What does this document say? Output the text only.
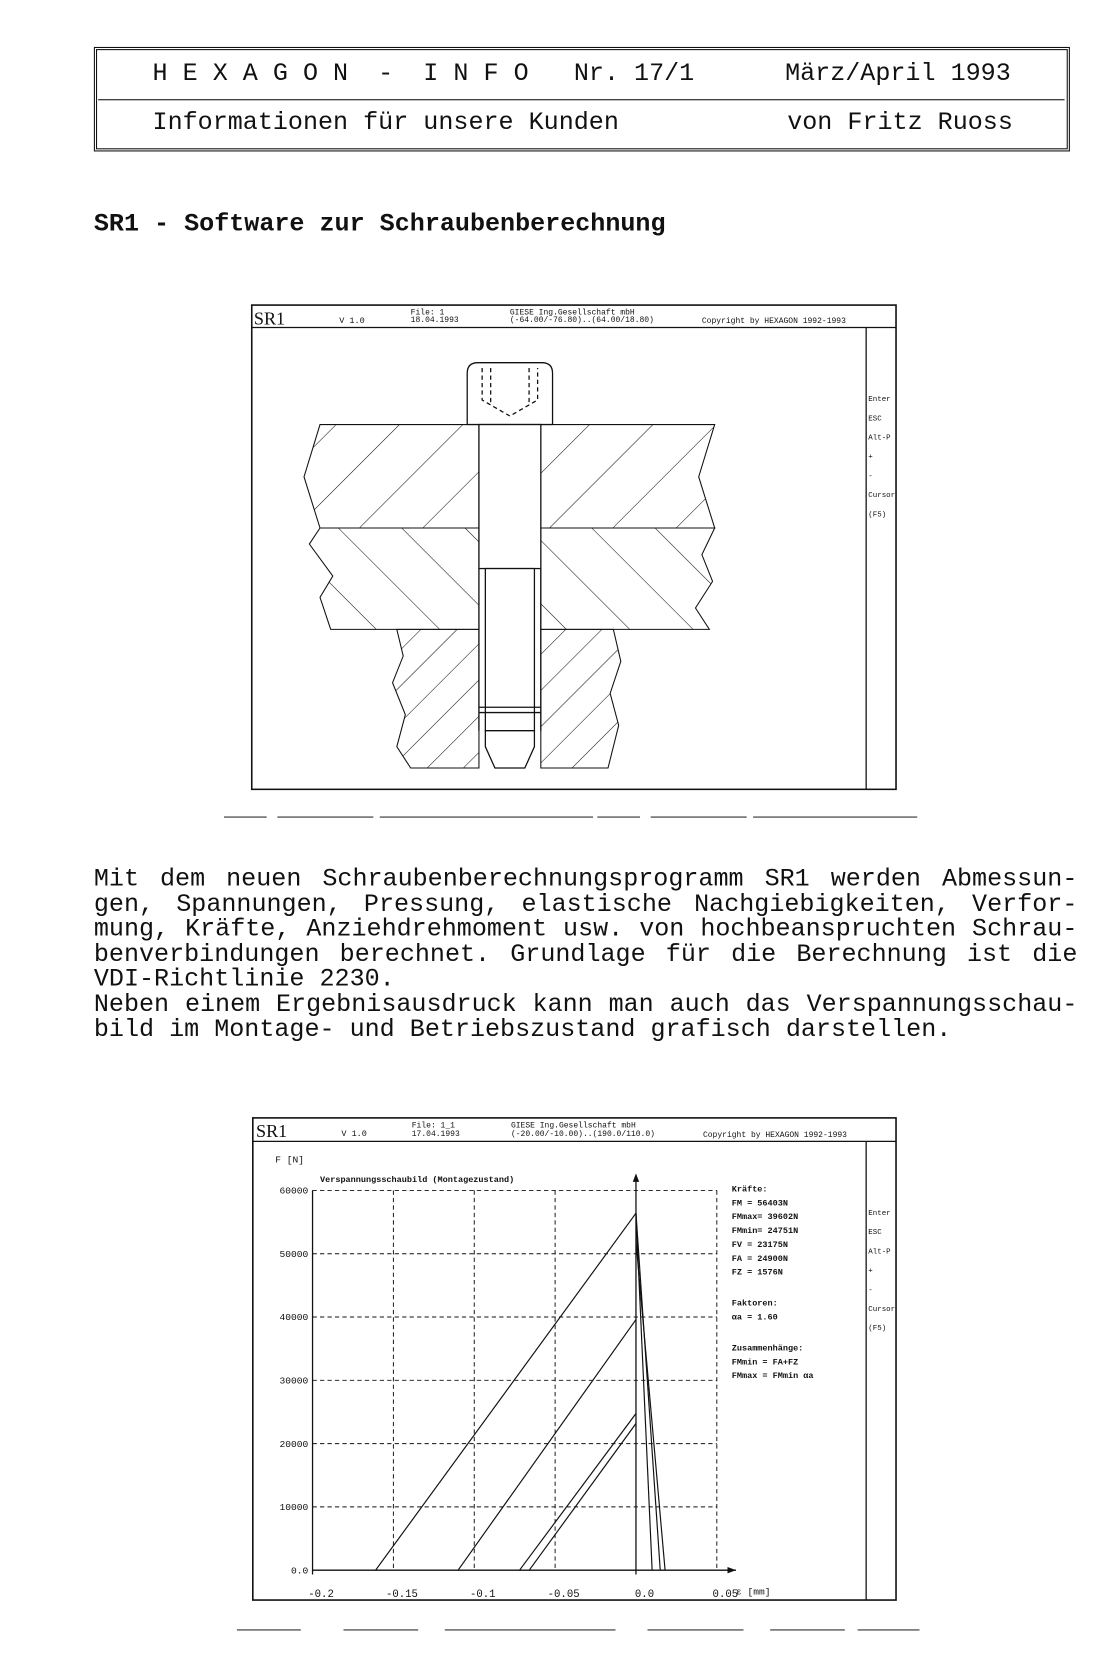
H E X A G O N  -  I N F O Nr. 17/1	März/April 1993
Informationen für unsere Kunden	von Fritz Ruoss
SR1 - Software zur Schraubenberechnung
SR1	V 1.0
File: 1
18.04.1993
GIESE Ing.Gesellschaft mbH
(-64.00/-76.80)..(64.00/18.80)	Copyright by HEXAGON 1992-1993
Enter
ESC
Alt-P
+
-
Cursor
(F5)
Mit dem neuen Schraubenberechnungsprogramm SR1 werden Abmessun-
gen, Spannungen, Pressung, elastische Nachgiebigkeiten, Verfor-
mung, Kräfte, Anziehdrehmoment usw. von hochbeanspruchten Schrau-
benverbindungen berechnet. Grundlage für die Berechnung ist die
VDI-Richtlinie 2230.
Neben einem Ergebnisausdruck kann man auch das Verspannungsschau-
bild im Montage- und Betriebszustand grafisch darstellen.
SR1	V 1.0
File: 1_1
17.04.1993
GIESE Ing.Gesellschaft mbH
(-20.00/-10.00)..(190.0/110.0)	Copyright by HEXAGON 1992-1993
Enter
ESC
Alt-P
+
-
Cursor
(F5)
F [N]
Verspannungsschaubild (Montagezustand)
ε [mm]
Kräfte:
FM = 56403N
FMmax= 39602N
FMmin= 24751N
FV = 23175N
FA = 24900N
FZ = 1576N
Faktoren:
αa = 1.60
Zusammenhänge:
FMmin = FA+FZ
FMmax = FMmin αa
0.0
10000
20000
30000
40000
50000
60000
-0.2	-0.15	-0.1	-0.05	0.0	0.05
